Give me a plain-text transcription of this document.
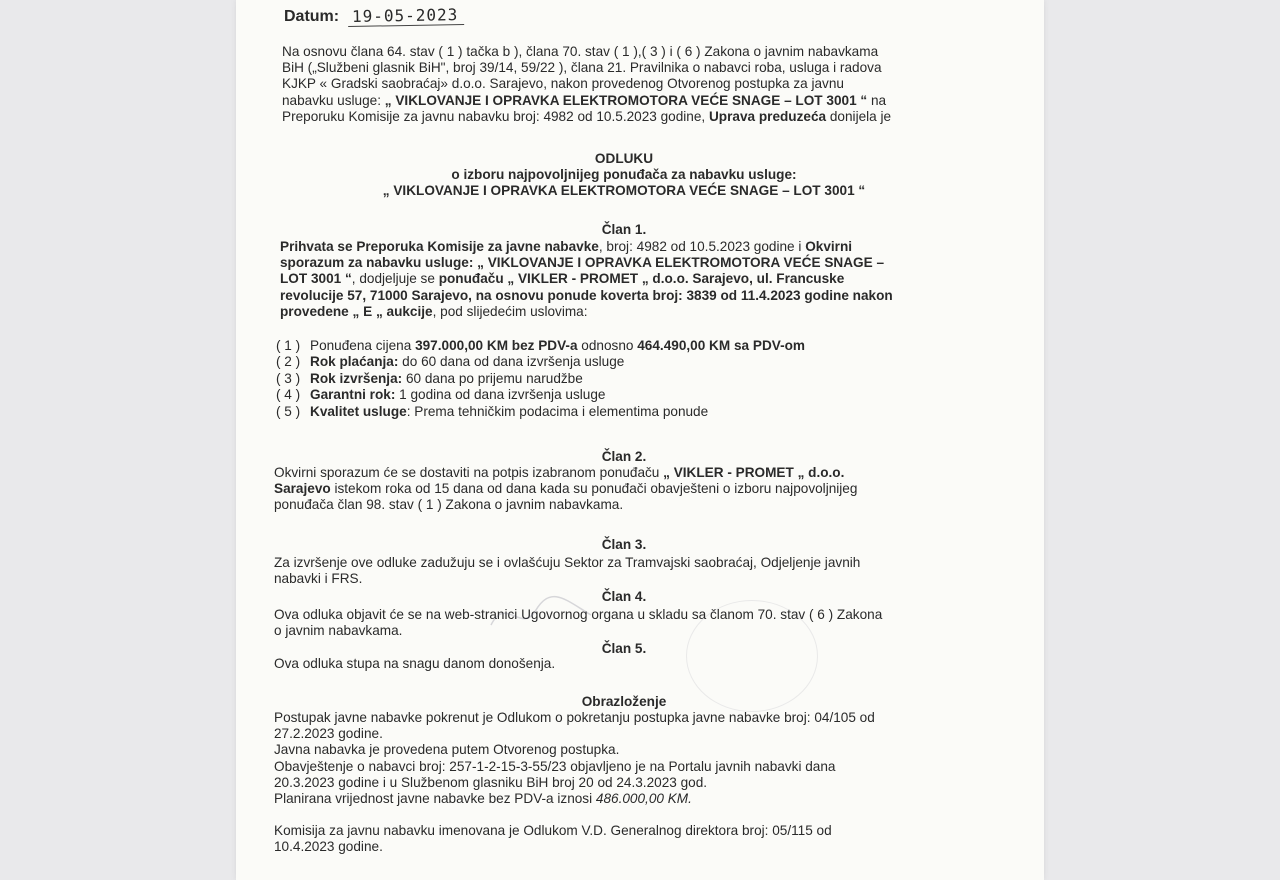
Datum: 19-05-2023
Na osnovu člana 64. stav ( 1 ) tačka b ), člana 70. stav ( 1 ),( 3 ) i ( 6 ) Zakona o javnim nabavkama
BiH („Službeni glasnik BiH", broj 39/14, 59/22 ), člana 21. Pravilnika o nabavci roba, usluga i radova
KJKP « Gradski saobraćaj» d.o.o. Sarajevo, nakon provedenog Otvorenog postupka za javnu
nabavku usluge: „ VIKLOVANJE I OPRAVKA ELEKTROMOTORA VEĆE SNAGE – LOT 3001 “ na
Preporuku Komisije za javnu nabavku broj: 4982 od 10.5.2023 godine, Uprava preduzeća donijela je
ODLUKU
o izboru najpovoljnijeg ponuđača za nabavku usluge:
„ VIKLOVANJE I OPRAVKA ELEKTROMOTORA VEĆE SNAGE – LOT 3001 “
Član 1.
Prihvata se Preporuka Komisije za javne nabavke, broj: 4982 od 10.5.2023 godine i Okvirni
sporazum za nabavku usluge: „ VIKLOVANJE I OPRAVKA ELEKTROMOTORA VEĆE SNAGE –
LOT 3001 “, dodjeljuje se ponuđaču „ VIKLER - PROMET „ d.o.o. Sarajevo, ul. Francuske
revolucije 57, 71000 Sarajevo, na osnovu ponude koverta broj: 3839 od 11.4.2023 godine nakon
provedene „ E „ aukcije, pod slijedećim uslovima:
( 1 ) Ponuđena cijena 397.000,00 KM bez PDV-a odnosno 464.490,00 KM sa PDV-om
( 2 ) Rok plaćanja: do 60 dana od dana izvršenja usluge
( 3 ) Rok izvršenja: 60 dana po prijemu narudžbe
( 4 ) Garantni rok: 1 godina od dana izvršenja usluge
( 5 ) Kvalitet usluge: Prema tehničkim podacima i elementima ponude
Član 2.
Okvirni sporazum će se dostaviti na potpis izabranom ponuđaču „ VIKLER - PROMET „ d.o.o.
Sarajevo istekom roka od 15 dana od dana kada su ponuđači obavješteni o izboru najpovoljnijeg
ponuđača član 98. stav ( 1 ) Zakona o javnim nabavkama.
Član 3.
Za izvršenje ove odluke zadužuju se i ovlašćuju Sektor za Tramvajski saobraćaj, Odjeljenje javnih
nabavki i FRS.
Član 4.
Ova odluka objavit će se na web-stranici Ugovornog organa u skladu sa članom 70. stav ( 6 ) Zakona
o javnim nabavkama.
Član 5.
Ova odluka stupa na snagu danom donošenja.
Obrazloženje
Postupak javne nabavke pokrenut je Odlukom o pokretanju postupka javne nabavke broj: 04/105 od
27.2.2023 godine.
Javna nabavka je provedena putem Otvorenog postupka.
Obavještenje o nabavci broj: 257-1-2-15-3-55/23 objavljeno je na Portalu javnih nabavki dana
20.3.2023 godine i u Službenom glasniku BiH broj 20 od 24.3.2023 god.
Planirana vrijednost javne nabavke bez PDV-a iznosi 486.000,00 KM.
Komisija za javnu nabavku imenovana je Odlukom V.D. Generalnog direktora broj: 05/115 od
10.4.2023 godine.
